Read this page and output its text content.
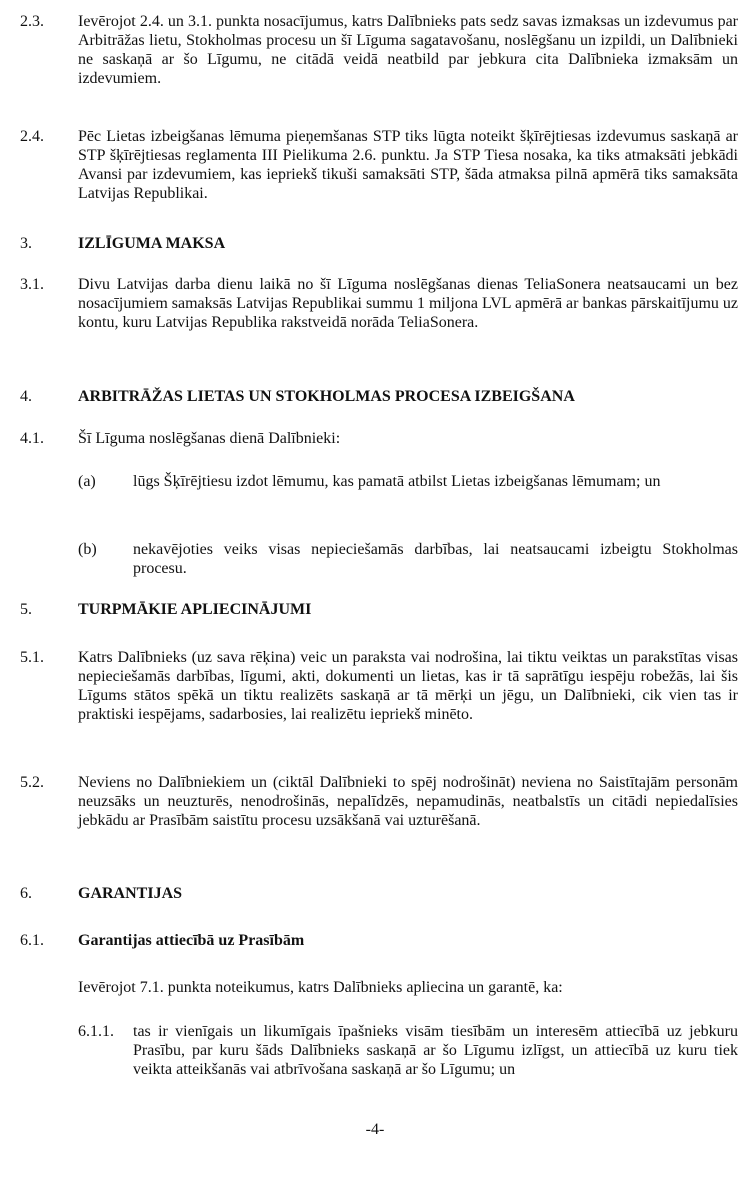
2.3. Ievērojot 2.4. un 3.1. punkta nosacījumus, katrs Dalībnieks pats sedz savas izmaksas un izdevumus par Arbitrāžas lietu, Stokholmas procesu un šī Līguma sagatavošanu, noslēgšanu un izpildi, un Dalībnieki ne saskaņā ar šo Līgumu, ne citādā veidā neatbild par jebkura cita Dalībnieka izmaksām un izdevumiem.
2.4. Pēc Lietas izbeigšanas lēmuma pieņemšanas STP tiks lūgta noteikt šķīrējtiesas izdevumus saskaņā ar STP šķīrējtiesas reglamenta III Pielikuma 2.6. punktu. Ja STP Tiesa nosaka, ka tiks atmaksāti jebkādi Avansi par izdevumiem, kas iepriekš tikuši samaksāti STP, šāda atmaksa pilnā apmērā tiks samaksāta Latvijas Republikai.
3.	IZLĪGUMA MAKSA
3.1. Divu Latvijas darba dienu laikā no šī Līguma noslēgšanas dienas TeliaSonera neatsaucami un bez nosacījumiem samaksās Latvijas Republikai summu 1 miljona LVL apmērā ar bankas pārskaitījumu uz kontu, kuru Latvijas Republika rakstveidā norāda TeliaSonera.
4.	ARBITRĀŽAS LIETAS UN STOKHOLMAS PROCESA IZBEIGŠANA
4.1. Šī Līguma noslēgšanas dienā Dalībnieki:
(a) lūgs Šķīrējtiesu izdot lēmumu, kas pamatā atbilst Lietas izbeigšanas lēmumam; un
(b) nekavējoties veiks visas nepieciešamās darbības, lai neatsaucami izbeigtu Stokholmas procesu.
5.	TURPMĀKIE APLIECINĀJUMI
5.1. Katrs Dalībnieks (uz sava rēķina) veic un paraksta vai nodrošina, lai tiktu veiktas un parakstītas visas nepieciešamās darbības, līgumi, akti, dokumenti un lietas, kas ir tā saprātīgu iespēju robežās, lai šis Līgums stātos spēkā un tiktu realizēts saskaņā ar tā mērķi un jēgu, un Dalībnieki, cik vien tas ir praktiski iespējams, sadarbosies, lai realizētu iepriekš minēto.
5.2. Neviens no Dalībniekiem un (ciktāl Dalībnieki to spēj nodrošināt) neviena no Saistītajām personām neuzsāks un neuzturēs, nenodrošinās, nepalīdzēs, nepamudinās, neatbalstīs un citādi nepiedalīsies jebkādu ar Prasībām saistītu procesu uzsākšanā vai uzturēšanā.
6.	GARANTIJAS
6.1. Garantijas attiecībā uz Prasībām
Ievērojot 7.1. punkta noteikumus, katrs Dalībnieks apliecina un garantē, ka:
6.1.1. tas ir vienīgais un likumīgais īpašnieks visām tiesībām un interesēm attiecībā uz jebkuru Prasību, par kuru šāds Dalībnieks saskaņā ar šo Līgumu izlīgst, un attiecībā uz kuru tiek veikta atteikšanās vai atbrīvošana saskaņā ar šo Līgumu; un
-4-
